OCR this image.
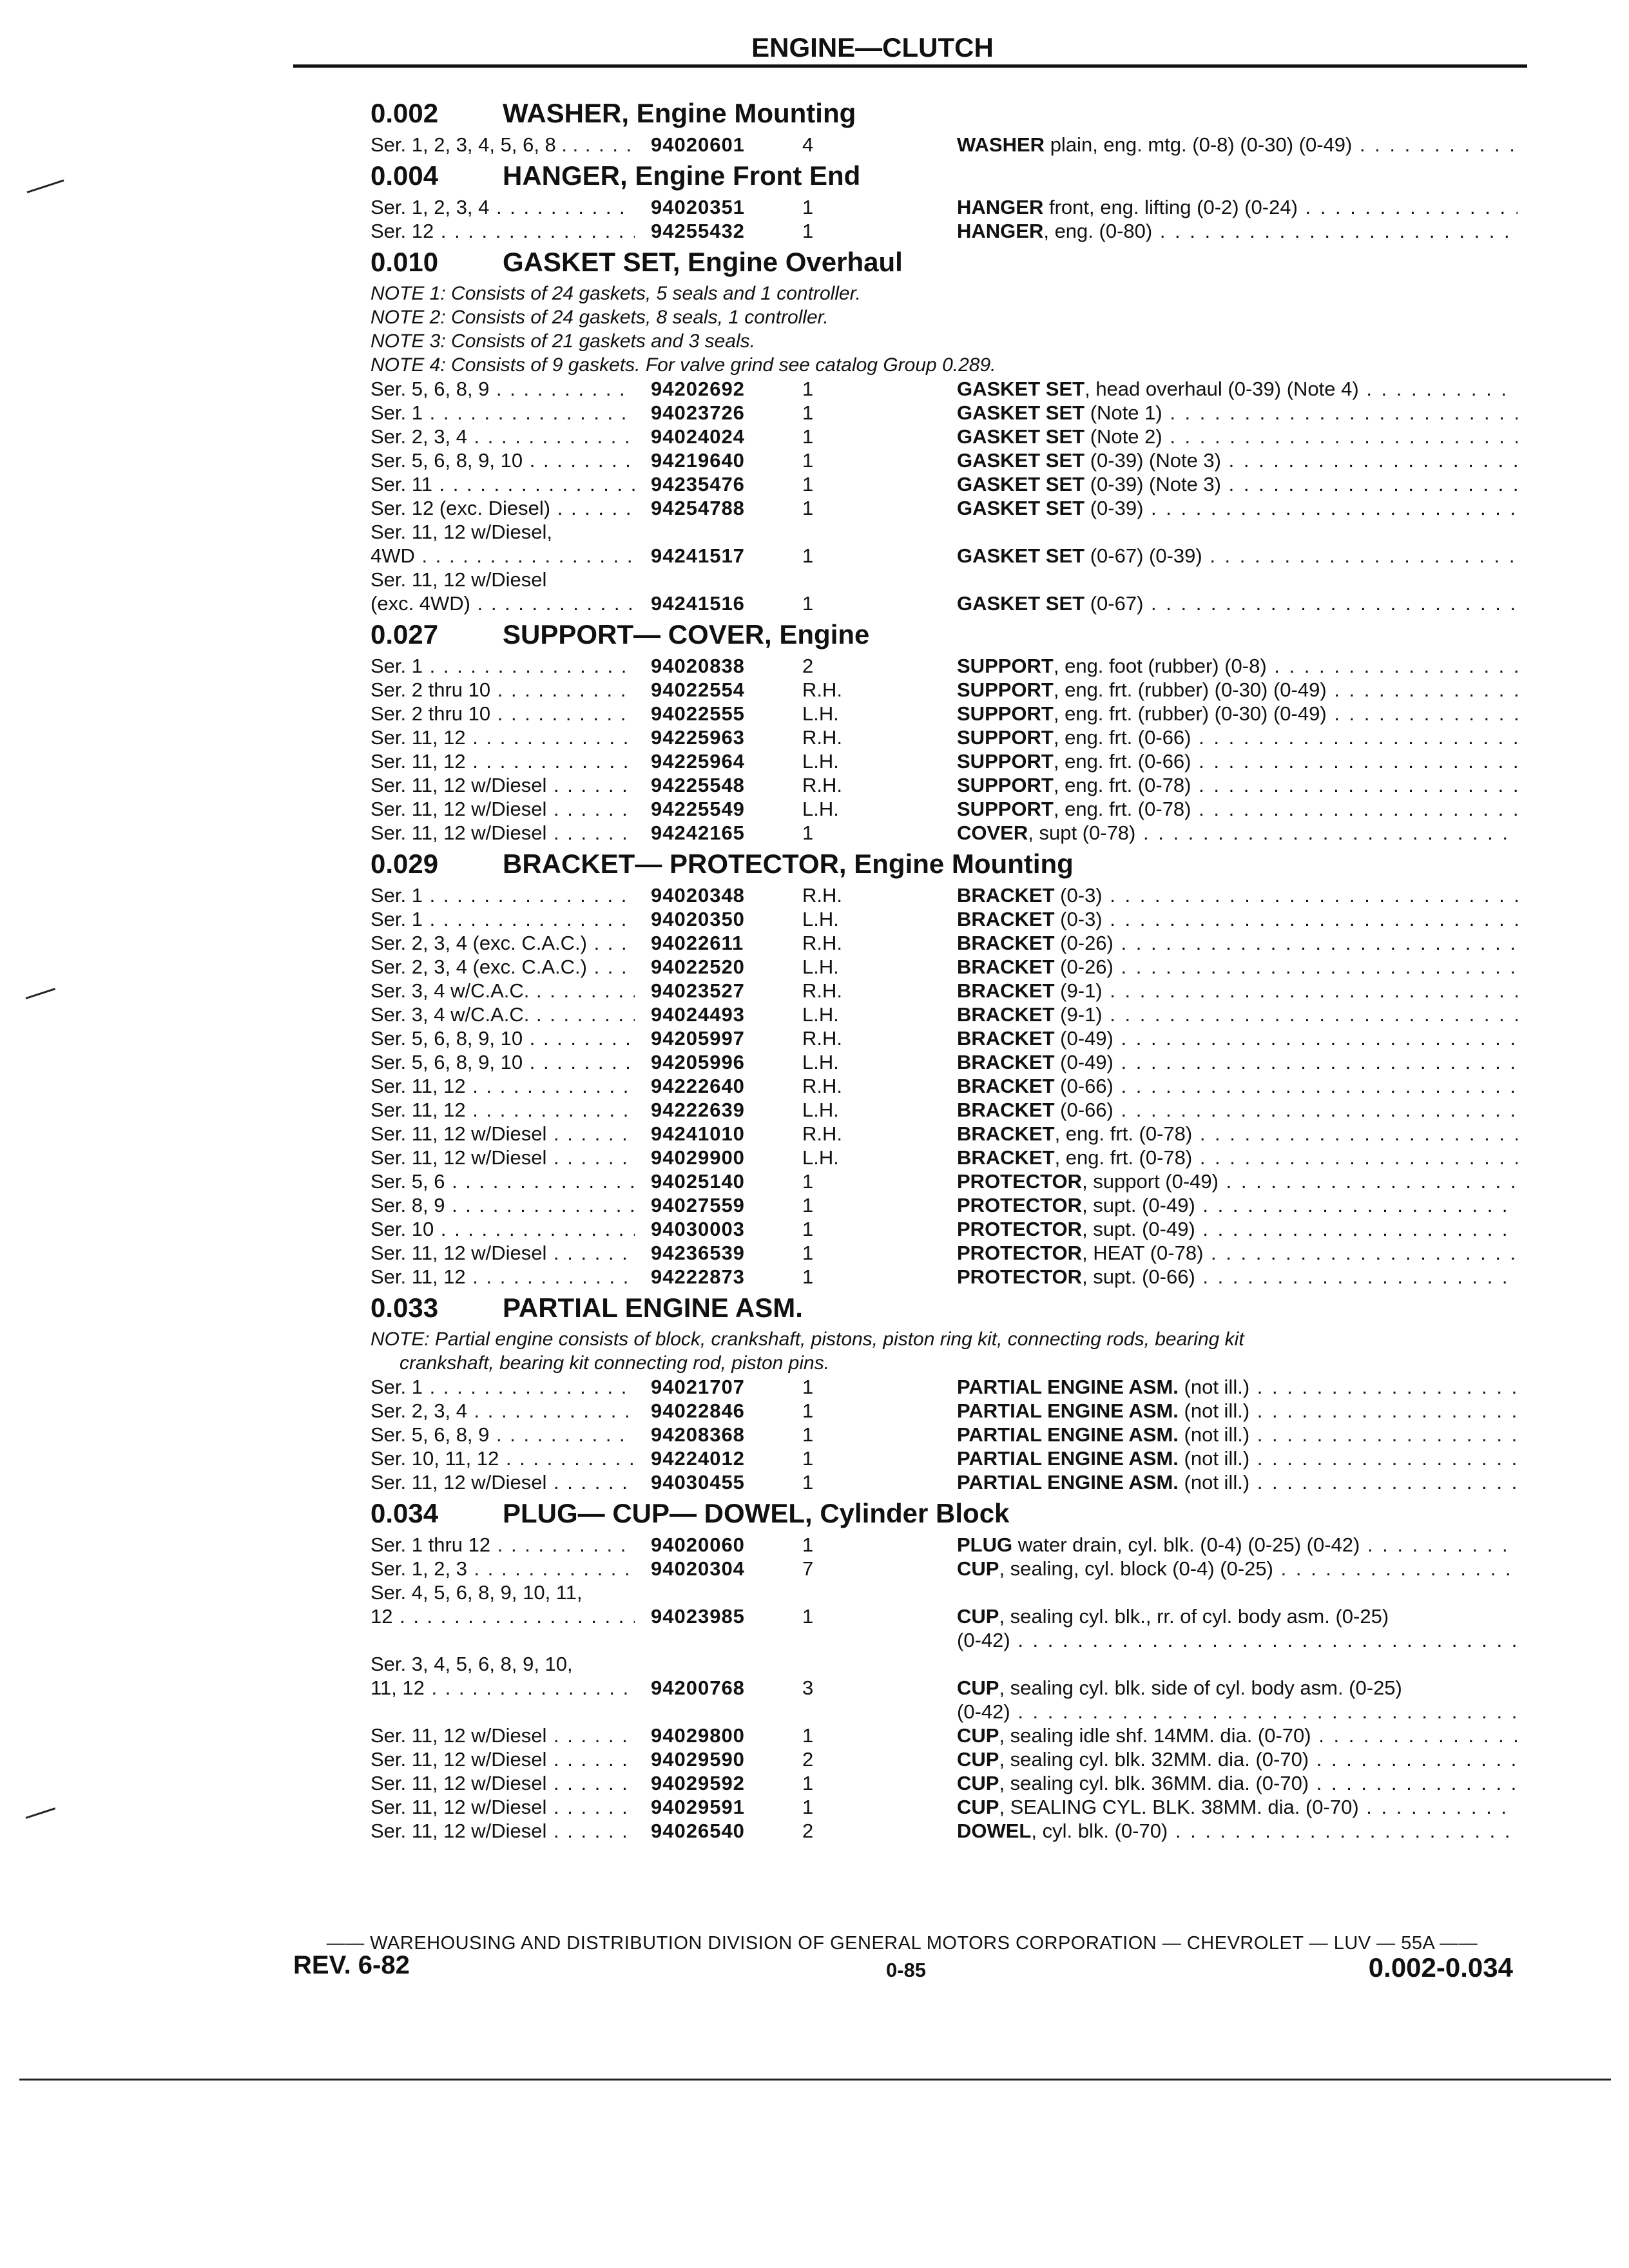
ENGINE—CLUTCH
0.002 WASHER, Engine Mounting
Ser. 1, 2, 3, 4, 5, 6, 8 . . . . .	94020601	4	WASHER plain, eng. mtg. (0-8) (0-30) (0-49) . . .
0.004 HANGER, Engine Front End
Ser. 1, 2, 3, 4 . . .	94020351	1	HANGER front, eng. lifting (0-2) (0-24) . . .
Ser. 12 . . .	94255432	1	HANGER, eng. (0-80) . . .
0.010 GASKET SET, Engine Overhaul
NOTE 1: Consists of 24 gaskets, 5 seals and 1 controller.
NOTE 2: Consists of 24 gaskets, 8 seals, 1 controller.
NOTE 3: Consists of 21 gaskets and 3 seals.
NOTE 4: Consists of 9 gaskets. For valve grind see catalog Group 0.289.
Ser. 5, 6, 8, 9 . . .	94202692	1	GASKET SET, head overhaul (0-39) (Note 4) . . .
Ser. 1 . . .	94023726	1	GASKET SET (Note 1) . . .
Ser. 2, 3, 4 . . .	94024024	1	GASKET SET (Note 2) . . .
Ser. 5, 6, 8, 9, 10 . . .	94219640	1	GASKET SET (0-39) (Note 3) . . .
Ser. 11 . . .	94235476	1	GASKET SET (0-39) (Note 3) . . .
Ser. 12 (exc. Diesel) . . .	94254788	1	GASKET SET (0-39) . . .
Ser. 11, 12 w/Diesel,
4WD . . .	94241517	1	GASKET SET (0-67) (0-39) . . .
Ser. 11, 12 w/Diesel
(exc. 4WD) . . .	94241516	1	GASKET SET (0-67) . . .
0.027 SUPPORT— COVER, Engine
Ser. 1 . . .	94020838	2	SUPPORT, eng. foot (rubber) (0-8) . . .
Ser. 2 thru 10 . . .	94022554	R.H.	SUPPORT, eng. frt. (rubber) (0-30) (0-49) . . .
Ser. 2 thru 10 . . .	94022555	L.H.	SUPPORT, eng. frt. (rubber) (0-30) (0-49) . . .
Ser. 11, 12 . . .	94225963	R.H.	SUPPORT, eng. frt. (0-66) . . .
Ser. 11, 12 . . .	94225964	L.H.	SUPPORT, eng. frt. (0-66) . . .
Ser. 11, 12 w/Diesel . . .	94225548	R.H.	SUPPORT, eng. frt. (0-78) . . .
Ser. 11, 12 w/Diesel . . .	94225549	L.H.	SUPPORT, eng. frt. (0-78) . . .
Ser. 11, 12 w/Diesel . . .	94242165	1	COVER, supt (0-78) . . .
0.029 BRACKET— PROTECTOR, Engine Mounting
Ser. 1 . . .	94020348	R.H.	BRACKET (0-3) . . .
Ser. 1 . . .	94020350	L.H.	BRACKET (0-3) . . .
Ser. 2, 3, 4 (exc. C.A.C.) . . .	94022611	R.H.	BRACKET (0-26) . . .
Ser. 2, 3, 4 (exc. C.A.C.) . . .	94022520	L.H.	BRACKET (0-26) . . .
Ser. 3, 4 w/C.A.C. . . .	94023527	R.H.	BRACKET (9-1) . . .
Ser. 3, 4 w/C.A.C. . . .	94024493	L.H.	BRACKET (9-1) . . .
Ser. 5, 6, 8, 9, 10 . . .	94205997	R.H.	BRACKET (0-49) . . .
Ser. 5, 6, 8, 9, 10 . . .	94205996	L.H.	BRACKET (0-49) . . .
Ser. 11, 12 . . .	94222640	R.H.	BRACKET (0-66) . . .
Ser. 11, 12 . . .	94222639	L.H.	BRACKET (0-66) . . .
Ser. 11, 12 w/Diesel . . .	94241010	R.H.	BRACKET, eng. frt. (0-78) . . .
Ser. 11, 12 w/Diesel . . .	94029900	L.H.	BRACKET, eng. frt. (0-78) . . .
Ser. 5, 6 . . .	94025140	1	PROTECTOR, support (0-49) . . .
Ser. 8, 9 . . .	94027559	1	PROTECTOR, supt. (0-49) . . .
Ser. 10 . . .	94030003	1	PROTECTOR, supt. (0-49) . . .
Ser. 11, 12 w/Diesel . . .	94236539	1	PROTECTOR, HEAT (0-78) . . .
Ser. 11, 12 . . .	94222873	1	PROTECTOR, supt. (0-66) . . .
0.033 PARTIAL ENGINE ASM.
NOTE: Partial engine consists of block, crankshaft, pistons, piston ring kit, connecting rods, bearing kit
crankshaft, bearing kit connecting rod, piston pins.
Ser. 1 . . .	94021707	1	PARTIAL ENGINE ASM. (not ill.) . . .
Ser. 2, 3, 4 . . .	94022846	1	PARTIAL ENGINE ASM. (not ill.) . . .
Ser. 5, 6, 8, 9 . . .	94208368	1	PARTIAL ENGINE ASM. (not ill.) . . .
Ser. 10, 11, 12 . . .	94224012	1	PARTIAL ENGINE ASM. (not ill.) . . .
Ser. 11, 12 w/Diesel . . .	94030455	1	PARTIAL ENGINE ASM. (not ill.) . . .
0.034 PLUG— CUP— DOWEL, Cylinder Block
Ser. 1 thru 12 . . .	94020060	1	PLUG water drain, cyl. blk. (0-4) (0-25) (0-42) . . .
Ser. 1, 2, 3 . . .	94020304	7	CUP, sealing, cyl. block (0-4) (0-25) . . .
Ser. 4, 5, 6, 8, 9, 10, 11,
12 . . .	94023985	1	CUP, sealing cyl. blk., rr. of cyl. body asm. (0-25)
(0-42) . . .
Ser. 3, 4, 5, 6, 8, 9, 10,
11, 12 . . .	94200768	3	CUP, sealing cyl. blk. side of cyl. body asm. (0-25)
(0-42) . . .
Ser. 11, 12 w/Diesel . . .	94029800	1	CUP, sealing idle shf. 14MM. dia. (0-70) . . .
Ser. 11, 12 w/Diesel . . .	94029590	2	CUP, sealing cyl. blk. 32MM. dia. (0-70) . . .
Ser. 11, 12 w/Diesel . . .	94029592	1	CUP, sealing cyl. blk. 36MM. dia. (0-70) . . .
Ser. 11, 12 w/Diesel . . .	94029591	1	CUP, SEALING CYL. BLK. 38MM. dia. (0-70) . . .
Ser. 11, 12 w/Diesel . . .	94026540	2	DOWEL, cyl. blk. (0-70) . . .
—— WAREHOUSING AND DISTRIBUTION DIVISION OF GENERAL MOTORS CORPORATION — CHEVROLET — LUV — 55A ——
REV. 6-82	0-85	0.002-0.034
